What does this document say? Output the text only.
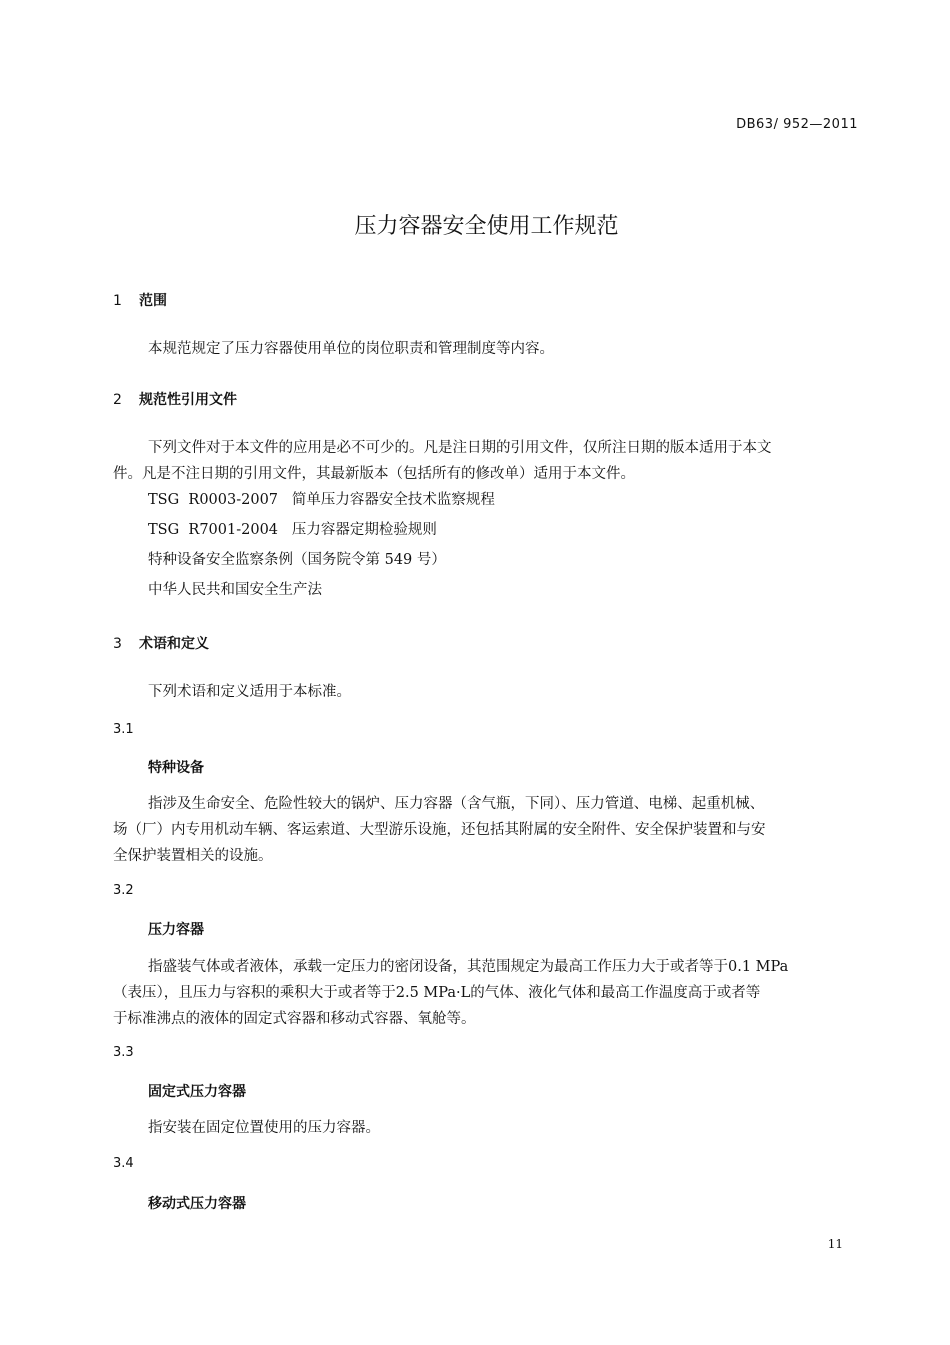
DB63/ 952—2011
压力容器安全使用工作规范
1 范围
本规范规定了压力容器使用单位的岗位职责和管理制度等内容。
2 规范性引用文件
下列文件对于本文件的应用是必不可少的。凡是注日期的引用文件，仅所注日期的版本适用于本文
件。凡是不注日期的引用文件，其最新版本（包括所有的修改单）适用于本文件。
TSG  R0003-2007   简单压力容器安全技术监察规程
TSG  R7001-2004   压力容器定期检验规则
特种设备安全监察条例（国务院令第 549 号）
中华人民共和国安全生产法
3 术语和定义
下列术语和定义适用于本标准。
3.1
特种设备
指涉及生命安全、危险性较大的锅炉、压力容器（含气瓶，下同）、压力管道、电梯、起重机械、
场（厂）内专用机动车辆、客运索道、大型游乐设施，还包括其附属的安全附件、安全保护装置和与安
全保护装置相关的设施。
3.2
压力容器
指盛装气体或者液体，承载一定压力的密闭设备，其范围规定为最高工作压力大于或者等于0.1 MPa
（表压），且压力与容积的乘积大于或者等于2.5 MPa·L的气体、液化气体和最高工作温度高于或者等
于标准沸点的液体的固定式容器和移动式容器、氧舱等。
3.3
固定式压力容器
指安装在固定位置使用的压力容器。
3.4
移动式压力容器
11
